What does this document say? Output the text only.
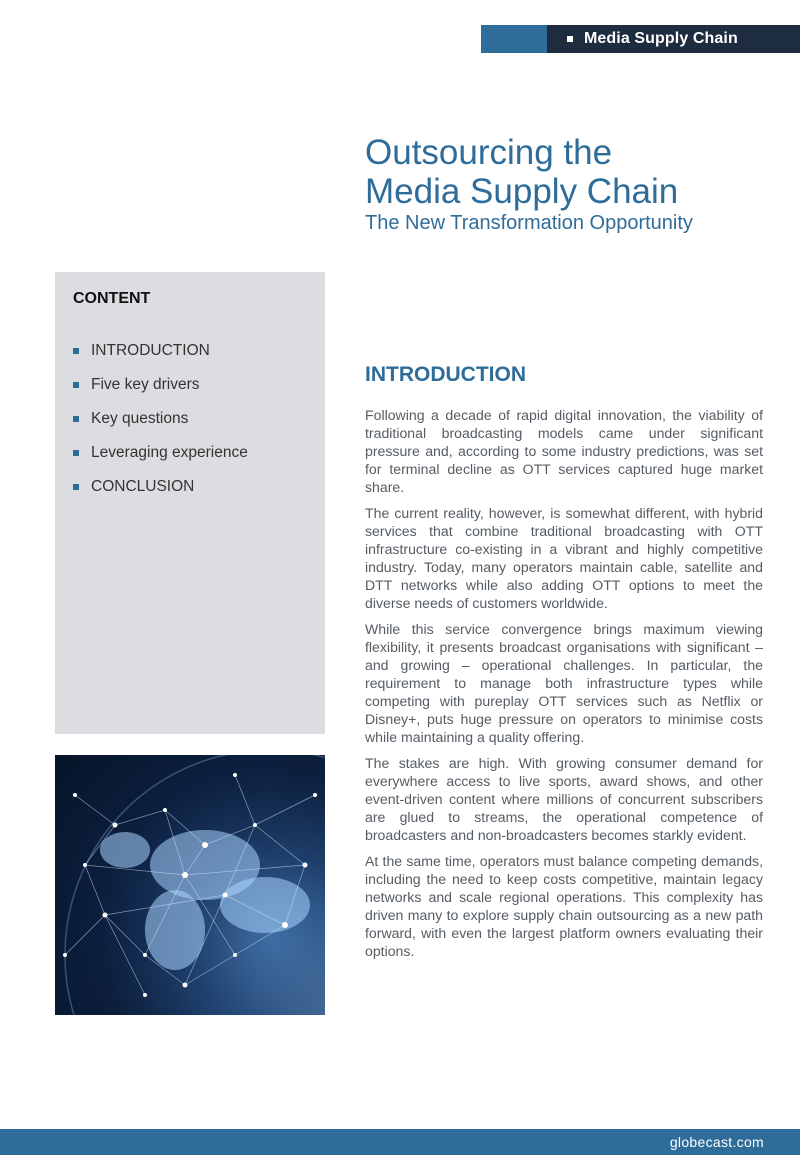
Media Supply Chain
Outsourcing the
Media Supply Chain
The New Transformation Opportunity
CONTENT
INTRODUCTION
Five key drivers
Key questions
Leveraging experience
CONCLUSION
INTRODUCTION

Following a decade of rapid digital innovation, the viability of traditional broadcasting models came under significant pressure and, according to some industry predictions, was set for terminal decline as OTT services captured huge market share.

The current reality, however, is somewhat different, with hybrid services that combine traditional broadcasting with OTT infrastructure co-existing in a vibrant and highly competitive industry. Today, many operators maintain cable, satellite and DTT networks while also adding OTT options to meet the diverse needs of customers worldwide.

While this service convergence brings maximum viewing flexibility, it presents broadcast organisations with significant – and growing – operational challenges. In particular, the requirement to manage both infrastructure types while competing with pureplay OTT services such as Netflix or Disney+, puts huge pressure on operators to minimise costs while maintaining a quality offering.

The stakes are high. With growing consumer demand for everywhere access to live sports, award shows, and other event-driven content where millions of concurrent subscribers are glued to streams, the operational competence of broadcasters and non-broadcasters becomes starkly evident.

At the same time, operators must balance competing demands, including the need to keep costs competitive, maintain legacy networks and scale regional operations. This complexity has driven many to explore supply chain outsourcing as a new path forward, with even the largest platform owners evaluating their options.

globecast.com
